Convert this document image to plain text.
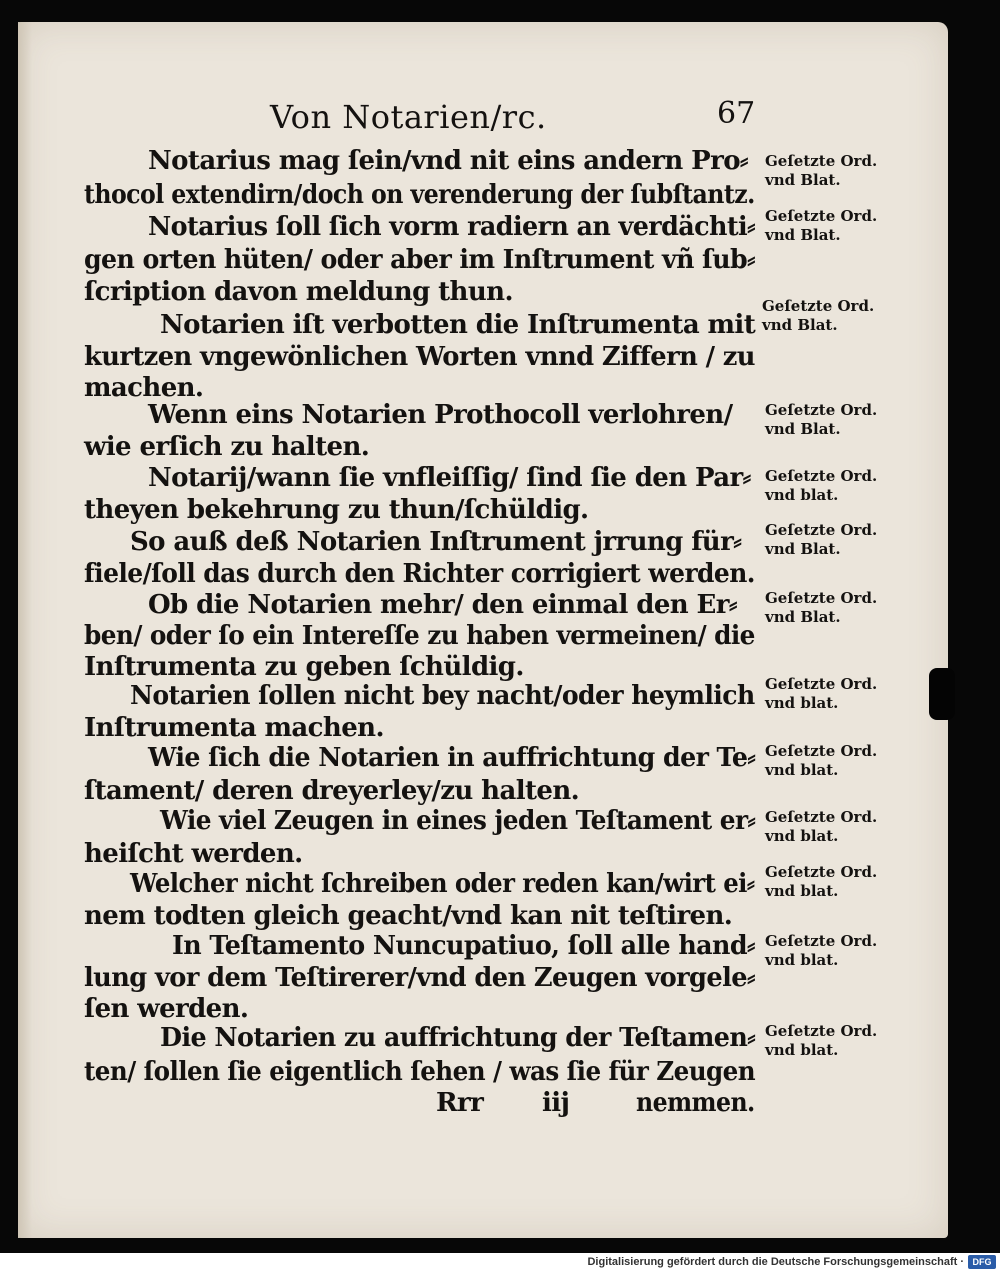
Von Notarien/rc.	67
Notarius mag ſein/vnd nit eins andern Pro⸗
thocol extendirn/doch on verenderung der ſubſtantz.
Notarius ſoll ſich vorm radiern an verdächti⸗
gen orten hüten/ oder aber im Inſtrument vñ ſub⸗
ſcription davon meldung thun.
Notarien iſt verbotten die Inſtrumenta mit
kurtzen vngewönlichen Worten vnnd Ziffern / zu
machen.
Wenn eins Notarien Prothocoll verlohren/
wie erſich zu halten.
Notarij/wann ſie vnfleiſſig/ ſind ſie den Par⸗
theyen bekehrung zu thun/ſchüldig.
So auß deß Notarien Inſtrument jrrung für⸗
fiele/ſoll das durch den Richter corrigiert werden.
Ob die Notarien mehr/ den einmal den Er⸗
ben/ oder ſo ein Intereſſe zu haben vermeinen/ die
Inſtrumenta zu geben ſchüldig.
Notarien ſollen nicht bey nacht/oder heymlich
Inſtrumenta machen.
Wie ſich die Notarien in auffrichtung der Te⸗
ſtament/ deren dreyerley/zu halten.
Wie viel Zeugen in eines jeden Teſtament er⸗
heiſcht werden.
Welcher nicht ſchreiben oder reden kan/wirt ei⸗
nem todten gleich geacht/vnd kan nit teſtiren.
In Teſtamento Nuncupatiuo, ſoll alle hand⸗
lung vor dem Teſtirerer/vnd den Zeugen vorgele⸗
ſen werden.
Die Notarien zu auffrichtung der Teſtamen⸗
ten/ ſollen ſie eigentlich ſehen / was ſie für Zeugen
Rrr iij	nemmen.
Geſetzte Ord. vnd Blat.
Geſetzte Ord. vnd Blat.
Geſetzte Ord. vnd Blat.
Geſetzte Ord. vnd Blat.
Geſetzte Ord. vnd blat.
Geſetzte Ord. vnd Blat.
Geſetzte Ord. vnd Blat.
Geſetzte Ord. vnd blat.
Geſetzte Ord. vnd blat.
Geſetzte Ord. vnd blat.
Geſetzte Ord. vnd blat.
Geſetzte Ord. vnd blat.
Geſetzte Ord. vnd blat.
Digitalisierung gefördert durch die Deutsche Forschungsgemeinschaft · DFG
